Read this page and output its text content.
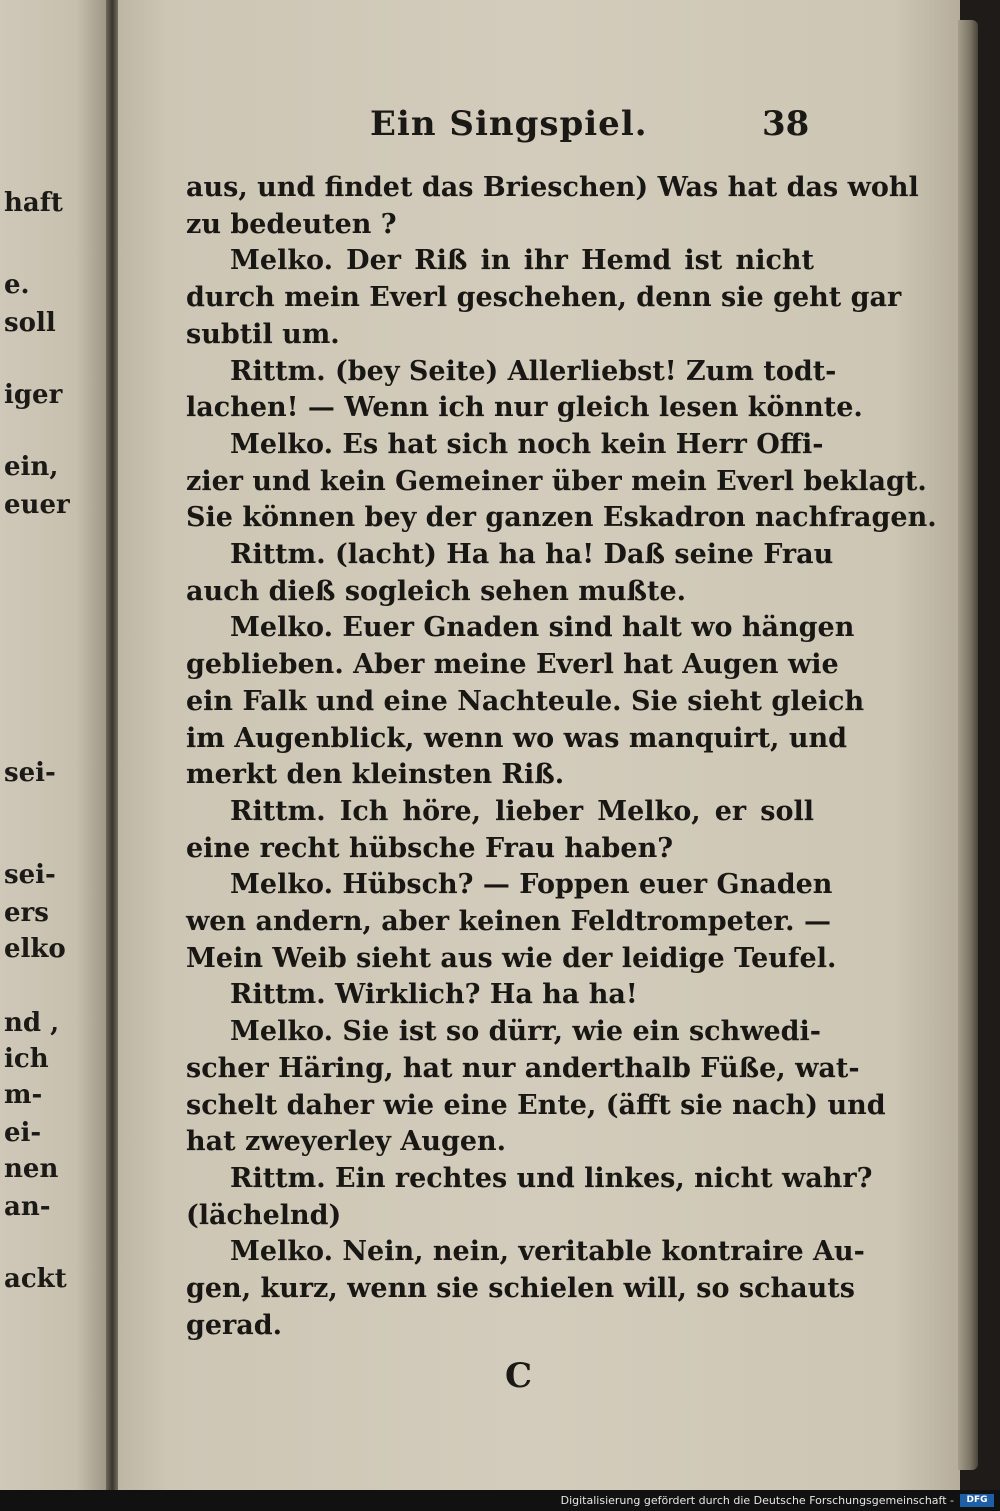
haft
e.
soll
iger
ein,
euer
sei-
sei-
ers
elko
nd ,
ich
m-
ei-
nen
an-
ackt
Ein Singspiel.	38
aus, und findet das Brieschen) Was hat das wohl
zu bedeuten ?
Melko. Der Riß in ihr Hemd ist nicht
durch mein Everl geschehen, denn sie geht gar
subtil um.
Rittm. (bey Seite) Allerliebst! Zum todt-
lachen! — Wenn ich nur gleich lesen könnte.
Melko. Es hat sich noch kein Herr Offi-
zier und kein Gemeiner über mein Everl beklagt.
Sie können bey der ganzen Eskadron nachfragen.
Rittm. (lacht) Ha ha ha! Daß seine Frau
auch dieß sogleich sehen mußte.
Melko. Euer Gnaden sind halt wo hängen
geblieben. Aber meine Everl hat Augen wie
ein Falk und eine Nachteule. Sie sieht gleich
im Augenblick, wenn wo was manquirt, und
merkt den kleinsten Riß.
Rittm. Ich höre, lieber Melko, er soll
eine recht hübsche Frau haben?
Melko. Hübsch? — Foppen euer Gnaden
wen andern, aber keinen Feldtrompeter. —
Mein Weib sieht aus wie der leidige Teufel.
Rittm. Wirklich? Ha ha ha!
Melko. Sie ist so dürr, wie ein schwedi-
scher Häring, hat nur anderthalb Füße, wat-
schelt daher wie eine Ente, (äfft sie nach) und
hat zweyerley Augen.
Rittm. Ein rechtes und linkes, nicht wahr?
(lächelnd)
Melko. Nein, nein, veritable kontraire Au-
gen, kurz, wenn sie schielen will, so schauts
gerad.
C
Digitalisierung gefördert durch die Deutsche Forschungsgemeinschaft -	DFG
